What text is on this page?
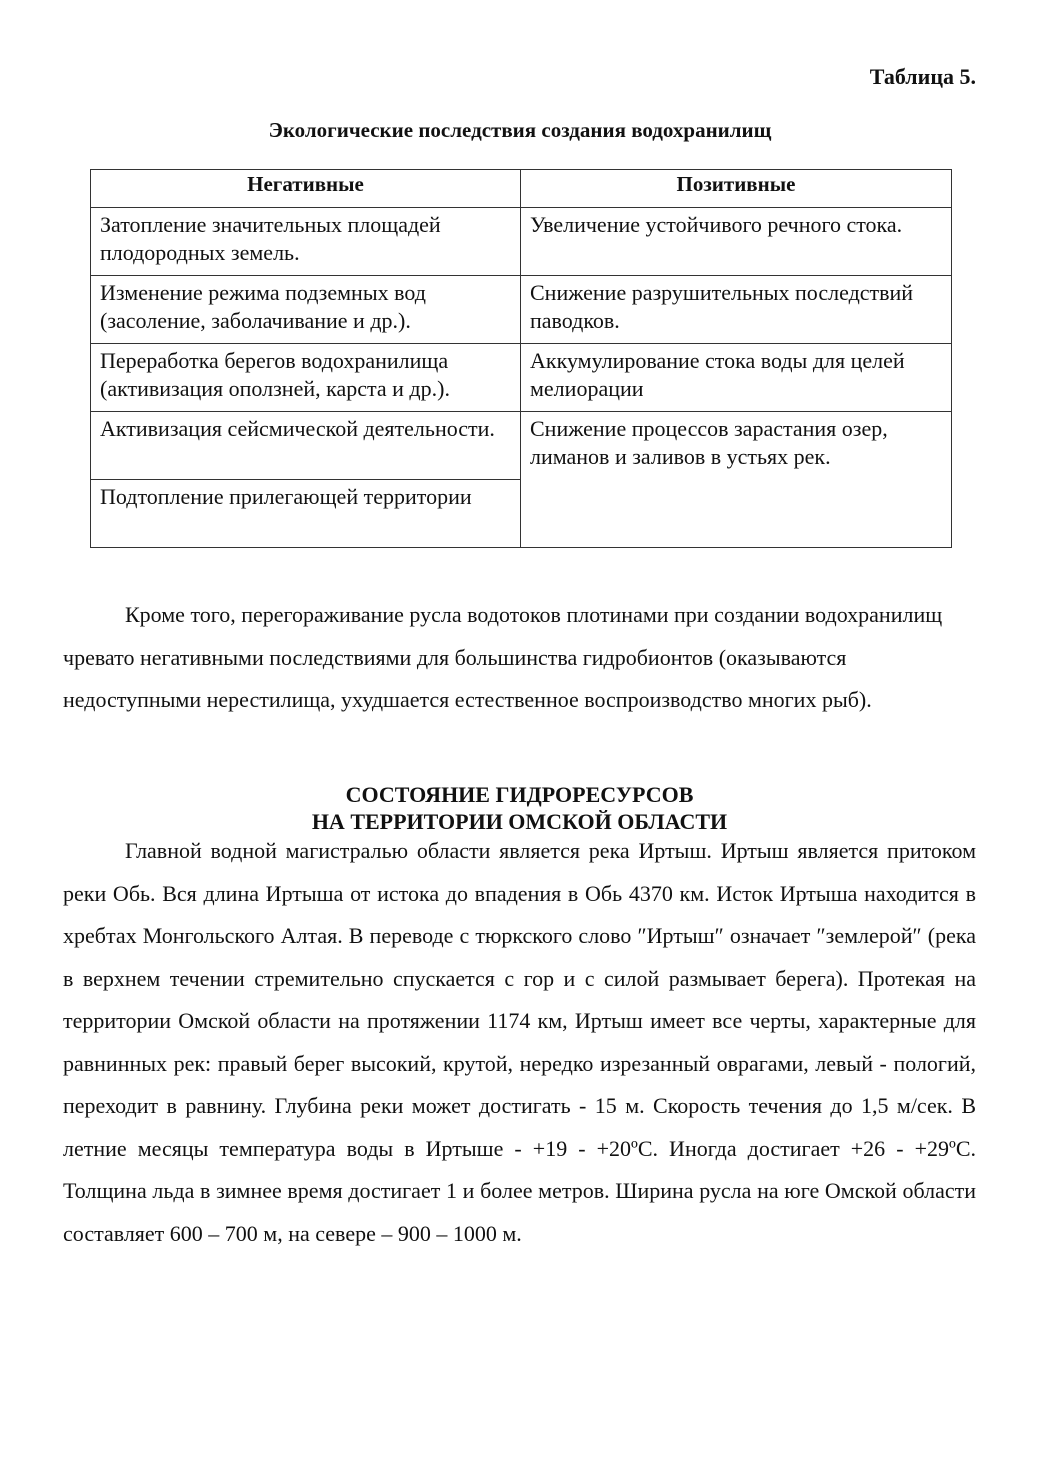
Таблица 5.
Экологические последствия создания водохранилищ
Негативные	Позитивные
Затопление значительных площадей плодородных земель.	Увеличение устойчивого речного стока.
Изменение режима подземных вод (засоление, заболачивание и др.).	Снижение разрушительных последствий паводков.
Переработка берегов водохранилища (активизация оползней, карста и др.).	Аккумулирование стока воды для целей мелиорации
Активизация сейсмической деятельности.	Снижение процессов зарастания озер, лиманов и заливов в устьях рек.
Подтопление прилегающей территории	

Кроме того, перегораживание русла водотоков плотинами при создании водохранилищ чревато негативными последствиями для большинства гидробионтов (оказываются недоступными нерестилища, ухудшается естественное воспроизводство многих рыб).

СОСТОЯНИЕ ГИДРОРЕСУРСОВ
НА ТЕРРИТОРИИ ОМСКОЙ ОБЛАСТИ

Главной водной магистралью области является река Иртыш. Иртыш является притоком реки Обь. Вся длина Иртыша от истока до впадения в Обь 4370 км. Исток Иртыша находится в хребтах Монгольского Алтая. В переводе с тюркского слово ″Иртыш″ означает ″землерой″ (река в верхнем течении стремительно спускается с гор и с силой размывает берега). Протекая на территории Омской области на протяжении 1174 км, Иртыш имеет все черты, характерные для равнинных рек: правый берег высокий, крутой, нередко изрезанный оврагами, левый - пологий, переходит в равнину. Глубина реки может достигать - 15 м. Скорость течения до 1,5 м/сек. В летние месяцы температура воды в Иртыше - +19 - +20ºС. Иногда достигает +26 - +29ºС. Толщина льда в зимнее время достигает 1 и более метров. Ширина русла на юге Омской области составляет 600 – 700 м, на севере – 900 – 1000 м.
